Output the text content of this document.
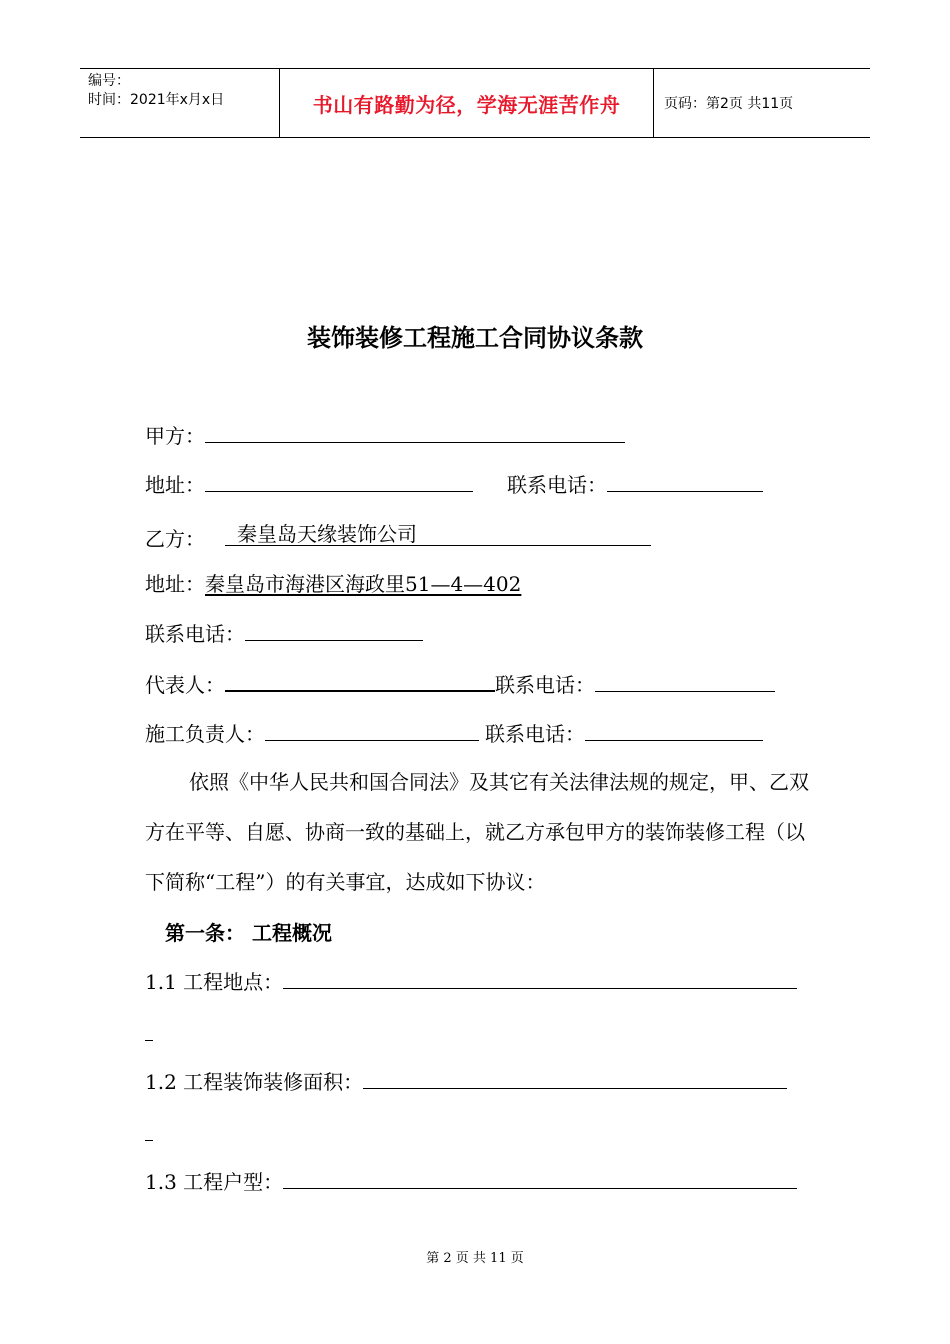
编号：
时间：2021年x月x日	书山有路勤为径，学海无涯苦作舟	页码：第2页 共11页
装饰装修工程施工合同协议条款
甲方：
地址：	联系电话：
乙方： 秦皇岛天缘装饰公司
地址：秦皇岛市海港区海政里51—4—402
联系电话：
代表人：	联系电话：
施工负责人：	联系电话：
依照《中华人民共和国合同法》及其它有关法律法规的规定，甲、乙双方在平等、自愿、协商一致的基础上，就乙方承包甲方的装饰装修工程（以下简称“工程”）的有关事宜，达成如下协议：
第一条： 工程概况
1.1 工程地点：
1.2 工程装饰装修面积：
1.3 工程户型：
第 2 页 共 11 页
